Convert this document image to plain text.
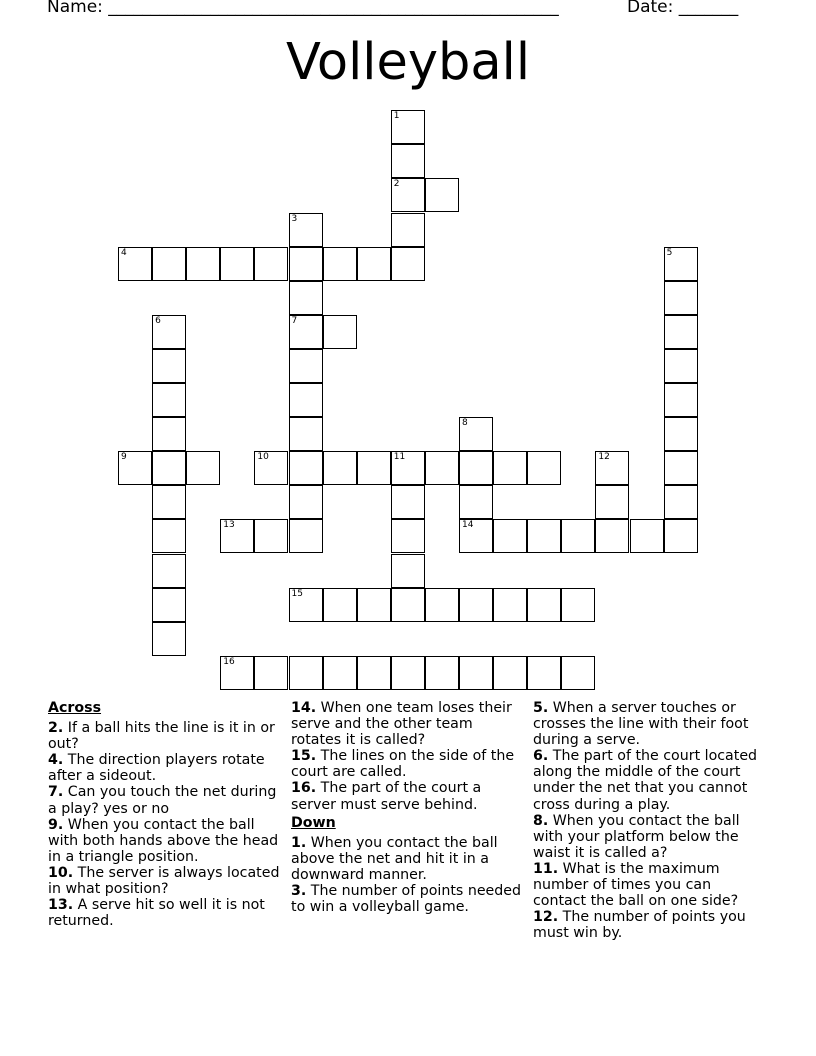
Name: _____________________________________________________	Date: _______
Volleyball
1
2
3
4	5
6	7
8
9	10	11	12
13	14
15
16
Across
2. If a ball hits the line is it in or out?
4. The direction players rotate after a sideout.
7. Can you touch the net during a play? yes or no
9. When you contact the ball with both hands above the head in a triangle position.
10. The server is always located in what position?
13. A serve hit so well it is not returned.
14. When one team loses their serve and the other team rotates it is called?
15. The lines on the side of the court are called.
16. The part of the court a server must serve behind.
Down
1. When you contact the ball above the net and hit it in a downward manner.
3. The number of points needed to win a volleyball game.
5. When a server touches or crosses the line with their foot during a serve.
6. The part of the court located along the middle of the court under the net that you cannot cross during a play.
8. When you contact the ball with your platform below the waist it is called a?
11. What is the maximum number of times you can contact the ball on one side?
12. The number of points you must win by.
